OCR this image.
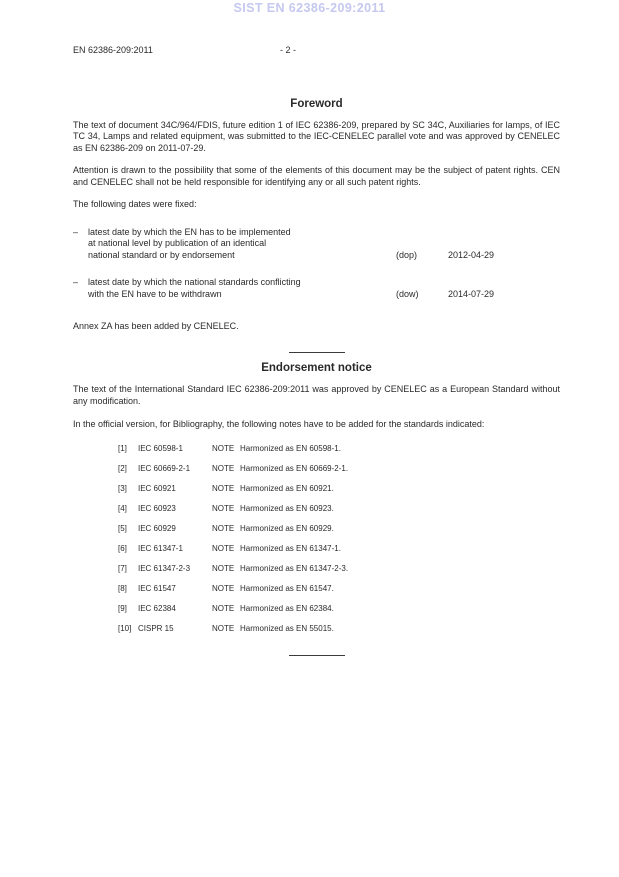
SIST EN 62386-209:2011
EN 62386-209:2011	- 2 -
Foreword

The text of document 34C/964/FDIS, future edition 1 of IEC 62386-209, prepared by SC 34C, Auxiliaries for lamps, of IEC TC 34, Lamps and related equipment, was submitted to the IEC-CENELEC parallel vote and was approved by CENELEC as EN 62386-209 on 2011-07-29.

Attention is drawn to the possibility that some of the elements of this document may be the subject of patent rights. CEN and CENELEC shall not be held responsible for identifying any or all such patent rights.

The following dates were fixed:

–	latest date by which the EN has to be implemented
at national level by publication of an identical
national standard or by endorsement	(dop)	2012-04-29
–	latest date by which the national standards conflicting
with the EN have to be withdrawn	(dow)	2014-07-29

Annex ZA has been added by CENELEC.

Endorsement notice

The text of the International Standard IEC 62386-209:2011 was approved by CENELEC as a European Standard without any modification.

In the official version, for Bibliography, the following notes have to be added for the standards indicated:

[1]	IEC 60598-1	NOTE Harmonized as EN 60598-1.
[2]	IEC 60669-2-1	NOTE Harmonized as EN 60669-2-1.
[3]	IEC 60921	NOTE Harmonized as EN 60921.
[4]	IEC 60923	NOTE Harmonized as EN 60923.
[5]	IEC 60929	NOTE Harmonized as EN 60929.
[6]	IEC 61347-1	NOTE Harmonized as EN 61347-1.
[7]	IEC 61347-2-3	NOTE Harmonized as EN 61347-2-3.
[8]	IEC 61547	NOTE Harmonized as EN 61547.
[9]	IEC 62384	NOTE Harmonized as EN 62384.
[10] CISPR 15	NOTE Harmonized as EN 55015.
